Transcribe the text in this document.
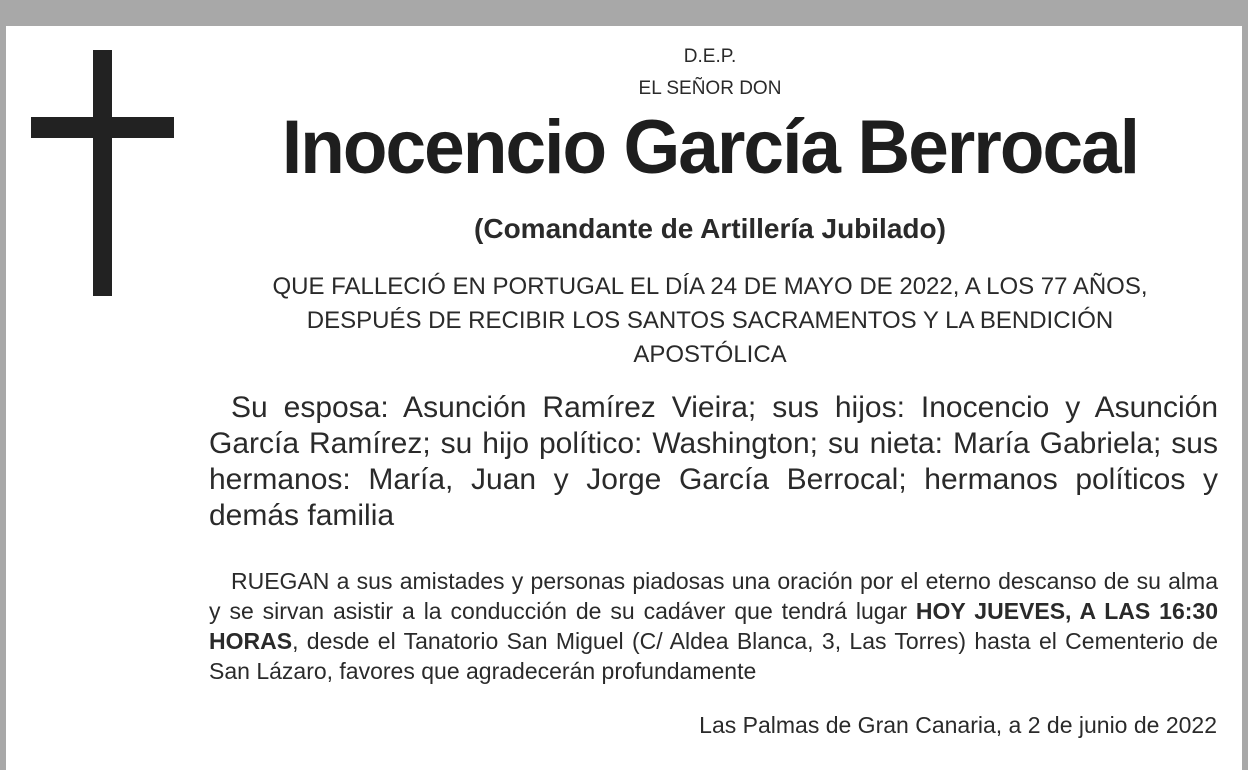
D.E.P.
EL SEÑOR DON
Inocencio García Berrocal
(Comandante de Artillería Jubilado)
QUE FALLECIÓ EN PORTUGAL EL DÍA 24 DE MAYO DE 2022, A LOS 77 AÑOS, DESPUÉS DE RECIBIR LOS SANTOS SACRAMENTOS Y LA BENDICIÓN APOSTÓLICA
Su esposa: Asunción Ramírez Vieira; sus hijos: Inocencio y Asunción García Ramírez; su hijo político: Washington; su nieta: María Gabriela; sus hermanos: María, Juan y Jorge García Berrocal; hermanos políticos y demás familia
RUEGAN a sus amistades y personas piadosas una oración por el eterno descanso de su alma y se sirvan asistir a la conducción de su cadáver que tendrá lugar HOY JUEVES, A LAS 16:30 HORAS, desde el Tanatorio San Miguel (C/ Aldea Blanca, 3, Las Torres) hasta el Cementerio de San Lázaro, favores que agradecerán profundamente
Las Palmas de Gran Canaria, a 2 de junio de 2022
